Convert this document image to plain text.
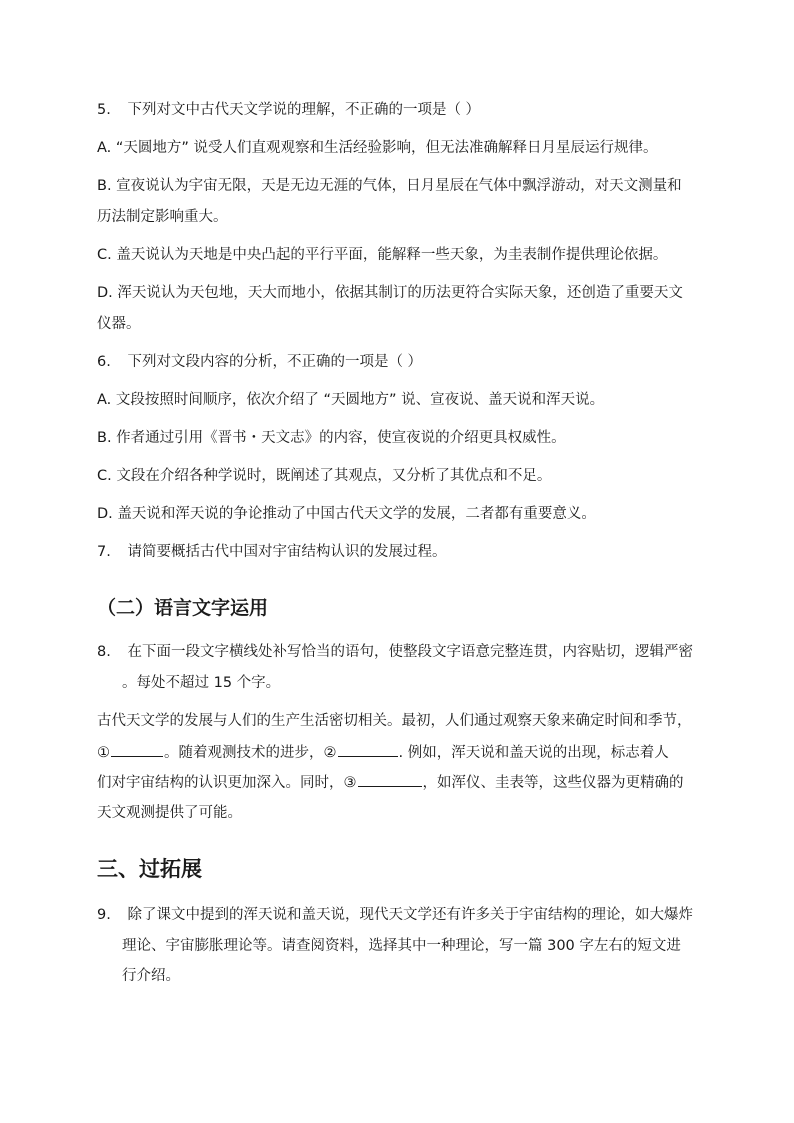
5. 下列对文中古代天文学说的理解，不正确的一项是（ ）
A. “天圆地方” 说受人们直观观察和生活经验影响，但无法准确解释日月星辰运行规律。
B. 宣夜说认为宇宙无限，天是无边无涯的气体，日月星辰在气体中飘浮游动，对天文测量和
历法制定影响重大。
C. 盖天说认为天地是中央凸起的平行平面，能解释一些天象，为圭表制作提供理论依据。
D. 浑天说认为天包地，天大而地小，依据其制订的历法更符合实际天象，还创造了重要天文
仪器。
6. 下列对文段内容的分析，不正确的一项是（ ）
A. 文段按照时间顺序，依次介绍了 “天圆地方” 说、宣夜说、盖天说和浑天说。
B. 作者通过引用《晋书・天文志》的内容，使宣夜说的介绍更具权威性。
C. 文段在介绍各种学说时，既阐述了其观点，又分析了其优点和不足。
D. 盖天说和浑天说的争论推动了中国古代天文学的发展，二者都有重要意义。
7. 请简要概括古代中国对宇宙结构认识的发展过程。
（二）语言文字运用
8. 在下面一段文字横线处补写恰当的语句，使整段文字语意完整连贯，内容贴切，逻辑严密
。每处不超过 15 个字。
古代天文学的发展与人们的生产生活密切相关。最初，人们通过观察天象来确定时间和季节，
①	。随着观测技术的进步，②	. 例如，浑天说和盖天说的出现，标志着人
们对宇宙结构的认识更加深入。同时，③	，如浑仪、圭表等，这些仪器为更精确的
天文观测提供了可能。
三、过拓展
9. 除了课文中提到的浑天说和盖天说，现代天文学还有许多关于宇宙结构的理论，如大爆炸
理论、宇宙膨胀理论等。请查阅资料，选择其中一种理论，写一篇 300 字左右的短文进
行介绍。
